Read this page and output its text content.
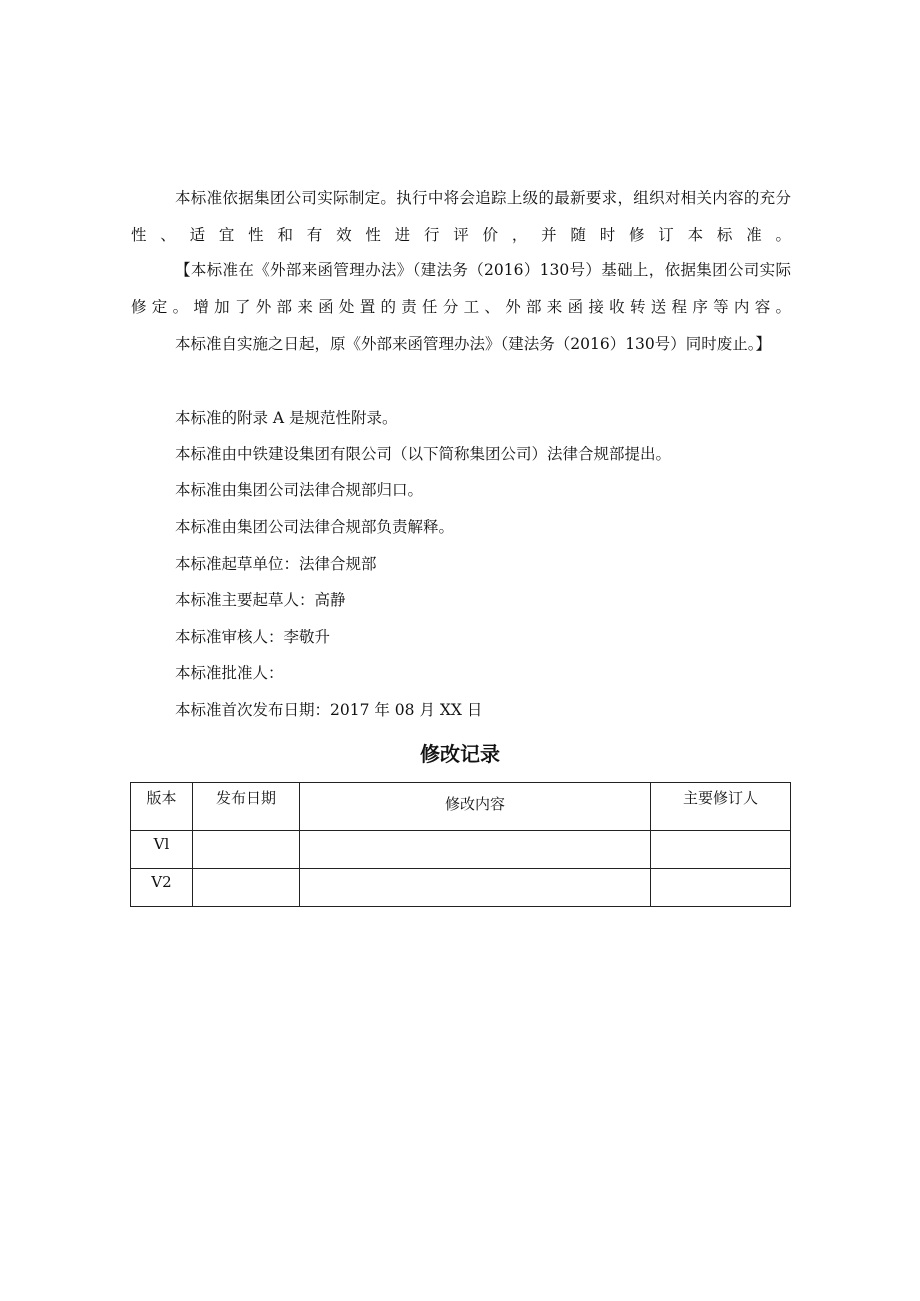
本标准依据集团公司实际制定。执行中将会追踪上级的最新要求，组织对相关内容的充分性、适宜性和有效性进行评价，并随时修订本标准。

【本标准在《外部来函管理办法》（建法务（2016）130号）基础上，依据集团公司实际修定。增加了外部来函处置的责任分工、外部来函接收转送程序等内容。

本标准自实施之日起，原《外部来函管理办法》（建法务（2016）130号）同时废止。】

本标准的附录 A 是规范性附录。

本标准由中铁建设集团有限公司（以下简称集团公司）法律合规部提出。

本标准由集团公司法律合规部归口。

本标准由集团公司法律合规部负责解释。

本标准起草单位：法律合规部

本标准主要起草人：高静

本标准审核人：李敬升

本标准批准人：

本标准首次发布日期：2017 年 08 月 XX 日

修改记录
版本	发布日期	修改内容	主要修订人
Vl			
V2			
